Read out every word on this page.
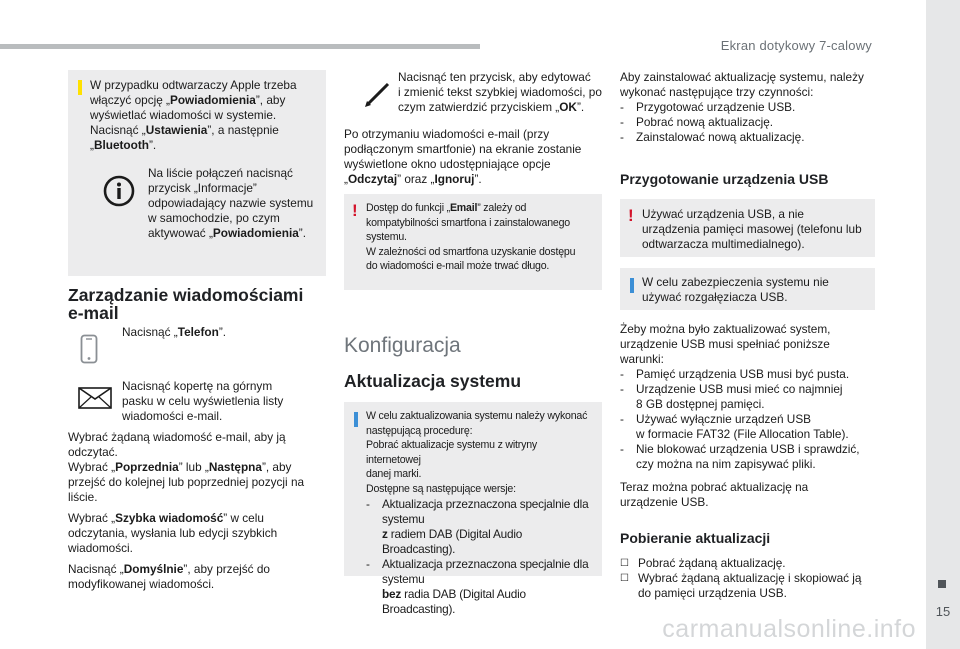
Ekran dotykowy 7-calowy
15

W przypadku odtwarzaczy Apple trzeba
włączyć opcję „Powiadomienia”, aby
wyświetlać wiadomości w systemie.
Nacisnąć „Ustawienia”, a następnie
„Bluetooth”.

Na liście połączeń nacisnąć
przycisk „Informacje”
odpowiadający nazwie systemu
w samochodzie, po czym
aktywować „Powiadomienia”.

Zarządzanie wiadomościami
e-mail

Nacisnąć „Telefon”.

Nacisnąć kopertę na górnym
pasku w celu wyświetlenia listy
wiadomości e-mail.

Wybrać żądaną wiadomość e-mail, aby ją
odczytać.
Wybrać „Poprzednia” lub „Następna”, aby
przejść do kolejnej lub poprzedniej pozycji na
liście.

Wybrać „Szybka wiadomość” w celu
odczytania, wysłania lub edycji szybkich
wiadomości.

Nacisnąć „Domyślnie”, aby przejść do
modyfikowanej wiadomości.

Nacisnąć ten przycisk, aby edytować
i zmienić tekst szybkiej wiadomości, po
czym zatwierdzić przyciskiem „OK”.

Po otrzymaniu wiadomości e-mail (przy
podłączonym smartfonie) na ekranie zostanie
wyświetlone okno udostępniające opcje
„Odczytaj” oraz „Ignoruj”.

! Dostęp do funkcji „Email” zależy od
kompatybilności smartfona i zainstalowanego
systemu.
W zależności od smartfona uzyskanie dostępu
do wiadomości e-mail może trwać długo.

Konfiguracja
Aktualizacja systemu

W celu zaktualizowania systemu należy wykonać
następującą procedurę:
Pobrać aktualizacje systemu z witryny internetowej
danej marki.
Dostępne są następujące wersje:

- Aktualizacja przeznaczona specjalnie dla systemu
z radiem DAB (Digital Audio Broadcasting).
- Aktualizacja przeznaczona specjalnie dla systemu
bez radia DAB (Digital Audio Broadcasting).

Aby zainstalować aktualizację systemu, należy
wykonać następujące trzy czynności:

- Przygotować urządzenie USB.
- Pobrać nową aktualizację.
- Zainstalować nową aktualizację.
Przygotowanie urządzenia USB
! Używać urządzenia USB, a nie
urządzenia pamięci masowej (telefonu lub
odtwarzacza multimedialnego).

W celu zabezpieczenia systemu nie
używać rozgałęziacza USB.

Żeby można było zaktualizować system,
urządzenie USB musi spełniać poniższe
warunki:

- Pamięć urządzenia USB musi być pusta.
- Urządzenie USB musi mieć co najmniej
8 GB dostępnej pamięci.
- Używać wyłącznie urządzeń USB
w formacie FAT32 (File Allocation Table).
- Nie blokować urządzenia USB i sprawdzić,
czy można na nim zapisywać pliki.

Teraz można pobrać aktualizację na
urządzenie USB.

Pobieranie aktualizacji
☐ Pobrać żądaną aktualizację.
☐ Wybrać żądaną aktualizację i skopiować ją
do pamięci urządzenia USB.
carmanualsonline.info
